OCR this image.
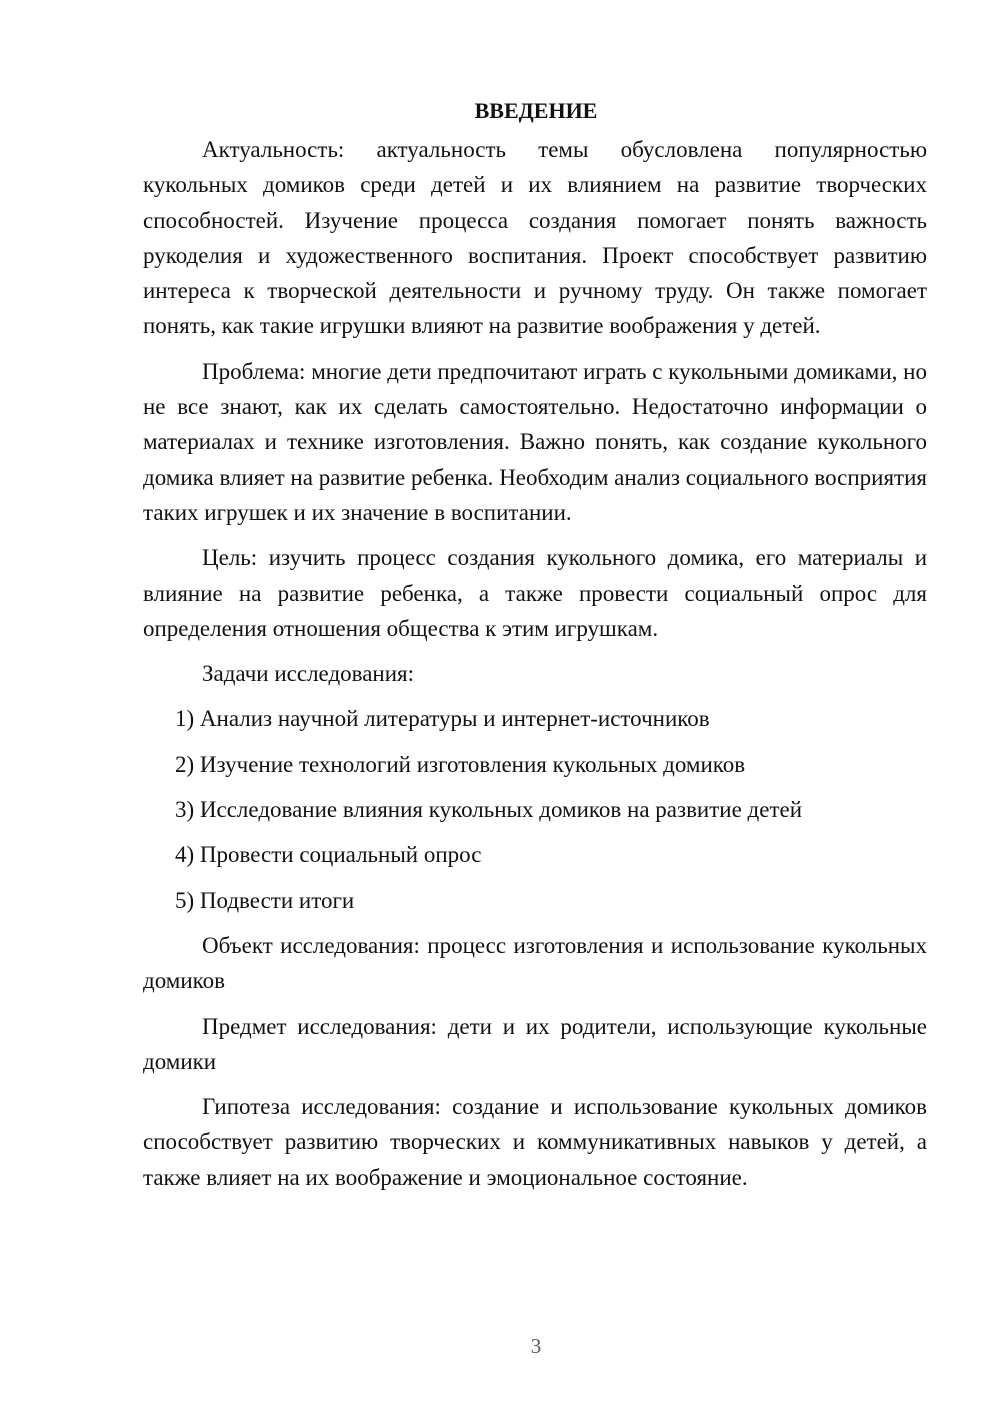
ВВЕДЕНИЕ

Актуальность: актуальность темы обусловлена популярностью кукольных домиков среди детей и их влиянием на развитие творческих способностей. Изучение процесса создания помогает понять важность рукоделия и художественного воспитания. Проект способствует развитию интереса к творческой деятельности и ручному труду. Он также помогает понять, как такие игрушки влияют на развитие воображения у детей.

Проблема: многие дети предпочитают играть с кукольными домиками, но не все знают, как их сделать самостоятельно. Недостаточно информации о материалах и технике изготовления. Важно понять, как создание кукольного домика влияет на развитие ребенка. Необходим анализ социального восприятия таких игрушек и их значение в воспитании.

Цель: изучить процесс создания кукольного домика, его материалы и влияние на развитие ребенка, а также провести социальный опрос для определения отношения общества к этим игрушкам.

Задачи исследования:

1) Анализ научной литературы и интернет-источников
2) Изучение технологий изготовления кукольных домиков
3) Исследование влияния кукольных домиков на развитие детей
4) Провести социальный опрос
5) Подвести итоги

Объект исследования: процесс изготовления и использование кукольных домиков

Предмет исследования: дети и их родители, использующие кукольные домики

Гипотеза исследования: создание и использование кукольных домиков способствует развитию творческих и коммуникативных навыков у детей, а также влияет на их воображение и эмоциональное состояние.

3
